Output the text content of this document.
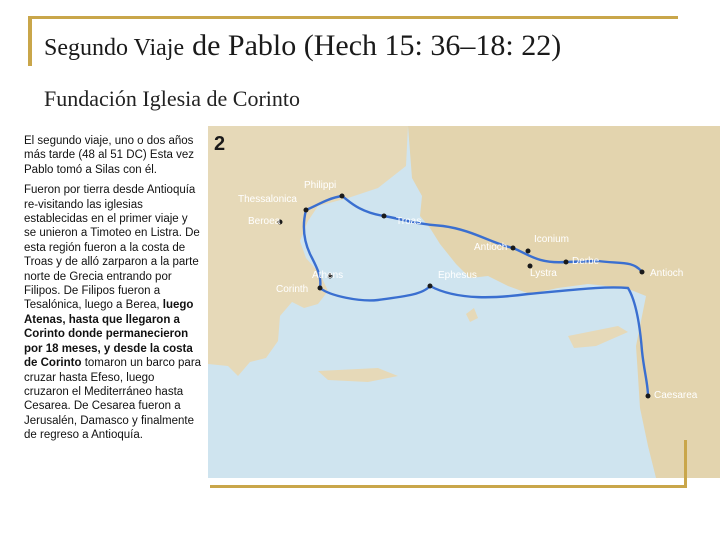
Segundo Viaje de Pablo (Hech 15: 36–18: 22)
Fundación Iglesia de Corinto

El segundo viaje, uno o dos años más tarde (48 al 51 DC) Esta vez Pablo tomó a Silas con él.

Fueron por tierra desde Antioquía re-visitando las iglesias establecidas en el primer viaje y se unieron a Timoteo en Listra. De esta región fueron a la costa de Troas y de alló zarparon a la parte norte de Grecia entrando por Filipos. De Filipos fueron a Tesalónica, luego a Berea, luego Atenas, hasta que llegaron a Corinto donde permanecieron por 18 meses, y desde la costa de Corinto tomaron un barco para cruzar hasta Efeso, luego cruzaron el Mediterráneo hasta Cesarea. De Cesarea fueron a Jerusalén, Damasco y finalmente de regreso a Antioquía.

2
Philippi
Thessalonica
Beroea	Troas
Athens
Corinth
Ephesus
Antioch
Iconium
Lystra
Derbe
Antioch
Caesarea
